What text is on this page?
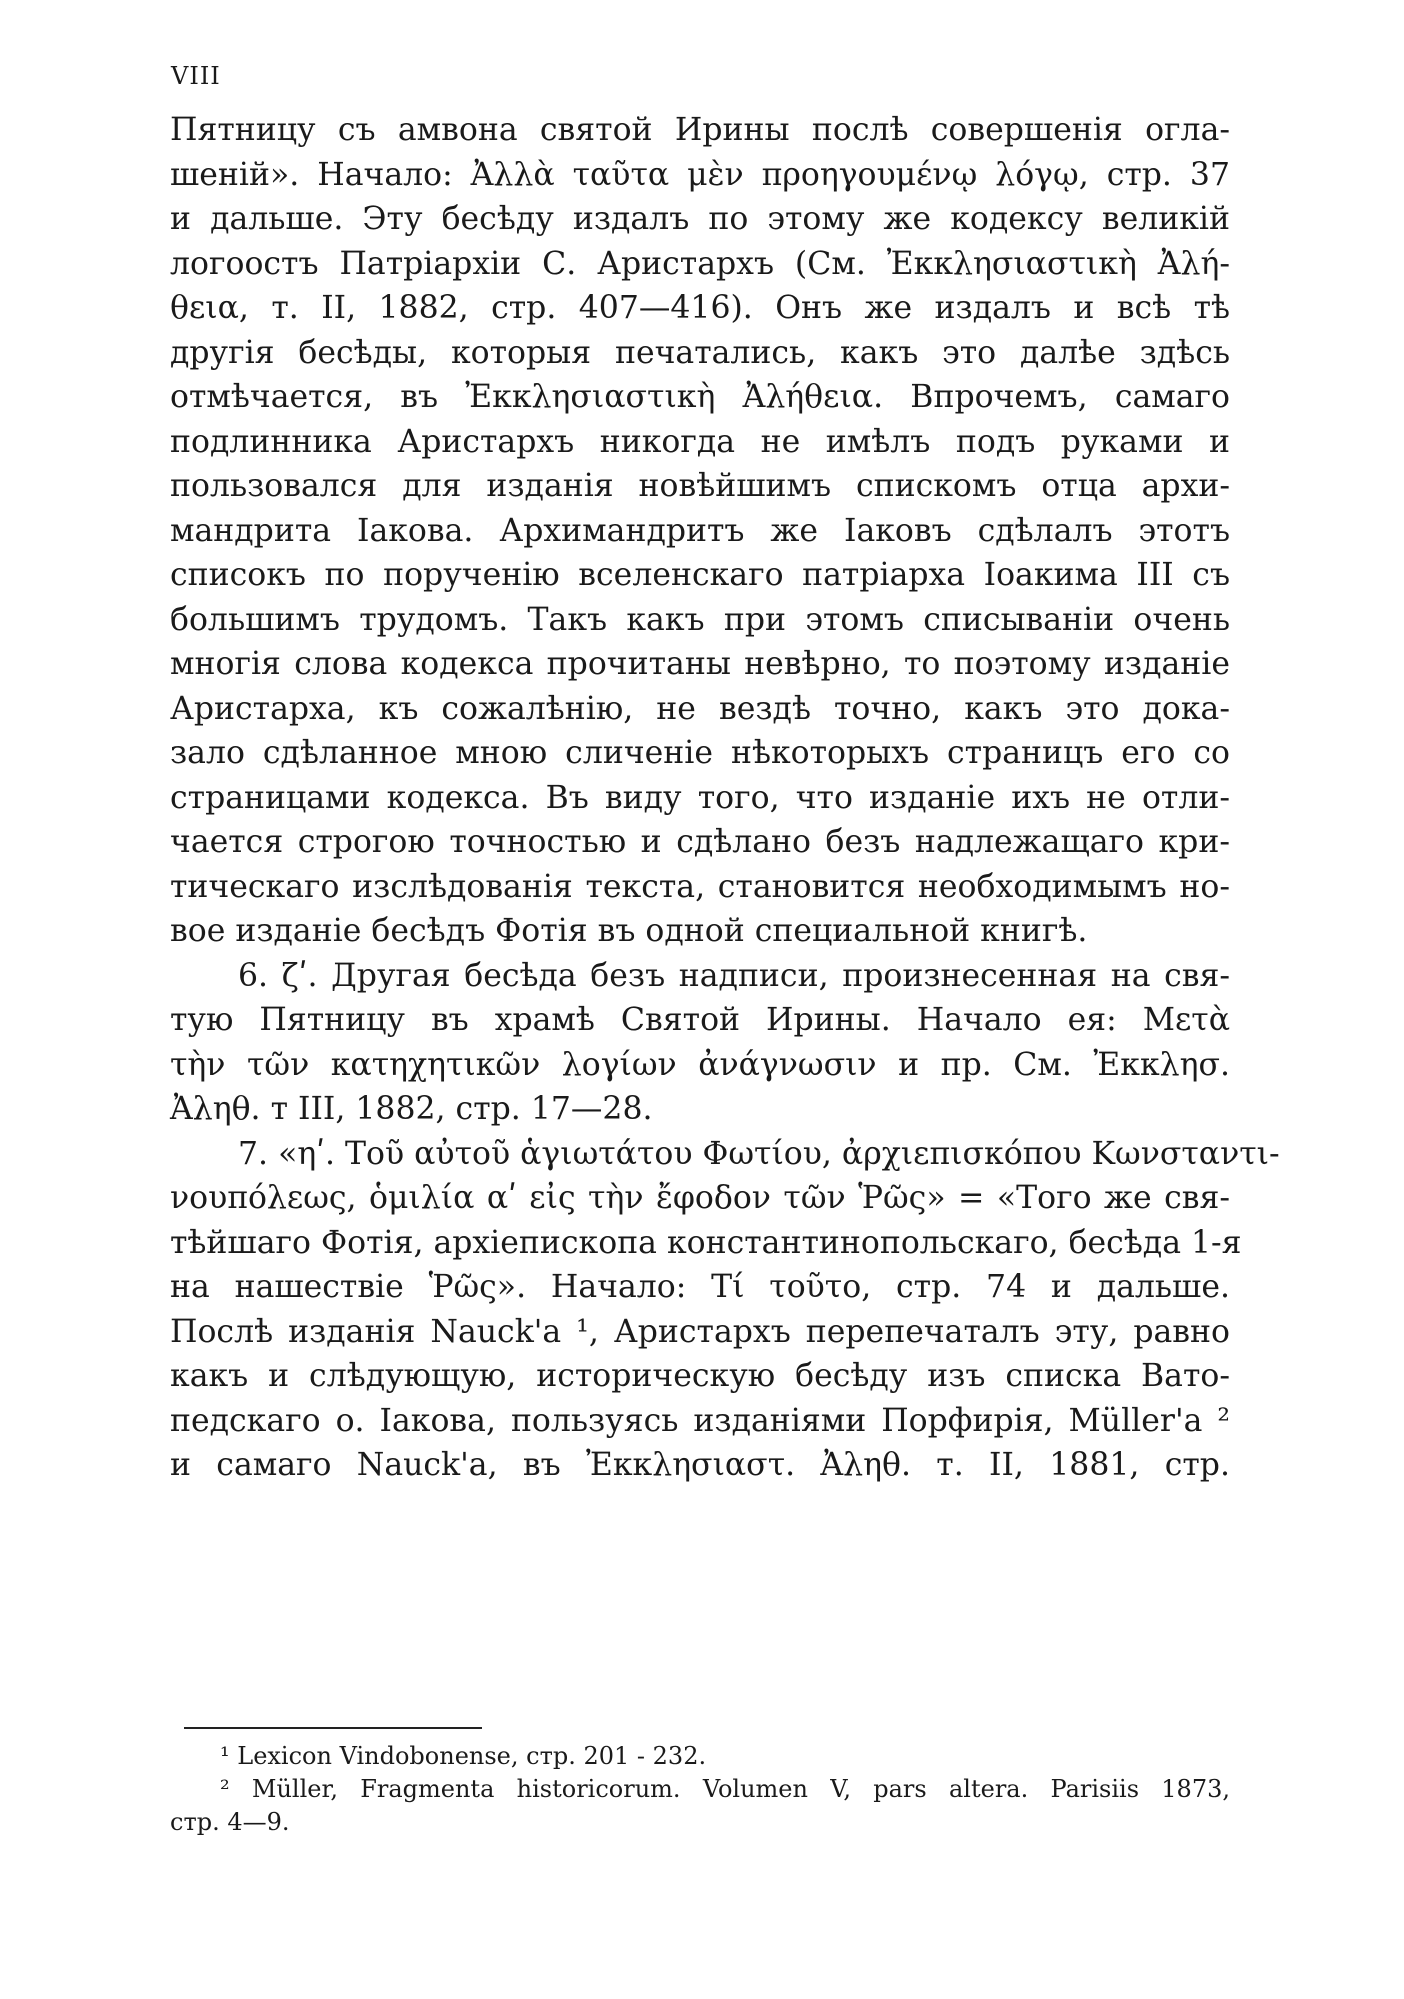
VIII
Пятницу съ амвона святой Ирины послѣ совершенія огла-
шеній». Начало: Ἀλλὰ ταῦτα μὲν προηγουμένῳ λόγῳ, стр. 37
и дальше. Эту бесѣду издалъ по этому же кодексу великій
логоостъ Патріархіи С. Аристархъ (См. Ἐκκλησιαστικὴ Ἀλή-
θεια, т. II, 1882, стр. 407—416). Онъ же издалъ и всѣ тѣ
другія бесѣды, которыя печатались, какъ это далѣе здѣсь
отмѣчается, въ Ἐκκλησιαστικὴ Ἀλήθεια. Впрочемъ, самаго
подлинника Аристархъ никогда не имѣлъ подъ руками и
пользовался для изданія новѣйшимъ спискомъ отца архи-
мандрита Іакова. Архимандритъ же Іаковъ сдѣлалъ этотъ
списокъ по порученію вселенскаго патріарха Іоакима III съ
большимъ трудомъ. Такъ какъ при этомъ списываніи очень
многія слова кодекса прочитаны невѣрно, то поэтому изданіе
Аристарха, къ сожалѣнію, не вездѣ точно, какъ это дока-
зало сдѣланное мною сличеніе нѣкоторыхъ страницъ его со
страницами кодекса. Въ виду того, что изданіе ихъ не отли-
чается строгою точностью и сдѣлано безъ надлежащаго кри-
тическаго изслѣдованія текста, становится необходимымъ но-
вое изданіе бесѣдъ Фотія въ одной специальной книгѣ.
6. ζʹ. Другая бесѣда безъ надписи, произнесенная на свя-
тую Пятницу въ храмѣ Святой Ирины. Начало ея: Μετὰ
τὴν τῶν κατηχητικῶν λογίων ἀνάγνωσιν и пр. См. Ἐκκλησ.
Ἀληθ. т III, 1882, стр. 17—28.
7. «ηʹ. Τοῦ αὐτοῦ ἁγιωτάτου Φωτίου, ἀρχιεπισκόπου Κωνσταντι-
νουπόλεως, ὁμιλία αʹ εἰς τὴν ἔφοδον τῶν Ῥῶς» = «Того же свя-
тѣйшаго Фотія, архіепископа константинопольскаго, бесѣда 1-я
на нашествіе Ῥῶς». Начало: Τί τοῦτο, стр. 74 и дальше.
Послѣ изданія Nauck'a ¹, Аристархъ перепечаталъ эту, равно
какъ и слѣдующую, историческую бесѣду изъ списка Вато-
педскаго о. Іакова, пользуясь изданіями Порфирія, Müller'a ²
и самаго Nauck'a, въ Ἐκκλησιαστ. Ἀληθ. т. II, 1881, стр.
¹ Lexicon Vindobonense, стр. 201 - 232.
² Müller, Fragmenta historicorum. Volumen V, pars altera. Parisiis 1873,
стр. 4—9.
